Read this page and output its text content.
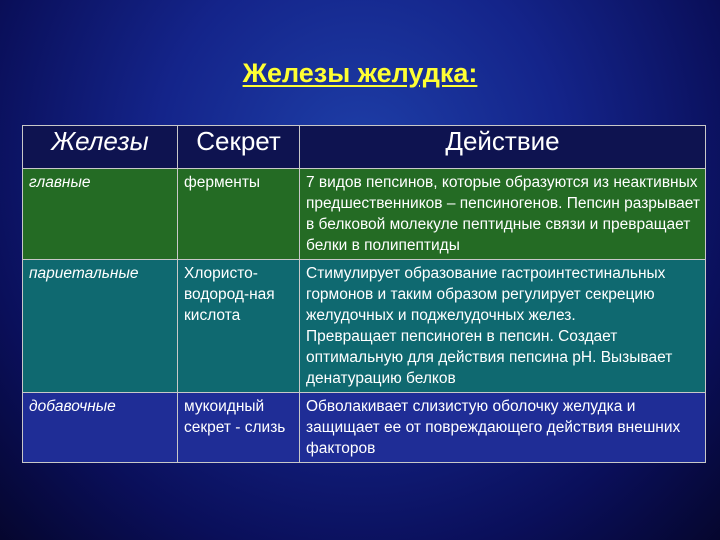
Железы желудка:
Железы	Секрет	Действие

главные	ферменты	7 видов пепсинов, которые образуются из неактивных предшественников – пепсиногенов. Пепсин разрывает в белковой молекуле пептидные связи и превращает белки в полипептиды

париетальные	Хлористо-водород-ная кислота	Стимулирует образование гастроинтестинальных гормонов и таким образом регулирует секрецию желудочных и поджелудочных желез.
Превращает пепсиноген в пепсин. Создает оптимальную для действия пепсина рН. Вызывает денатурацию белков

добавочные	мукоидный секрет - слизь	Обволакивает слизистую оболочку желудка и защищает ее от повреждающего действия внешних факторов
